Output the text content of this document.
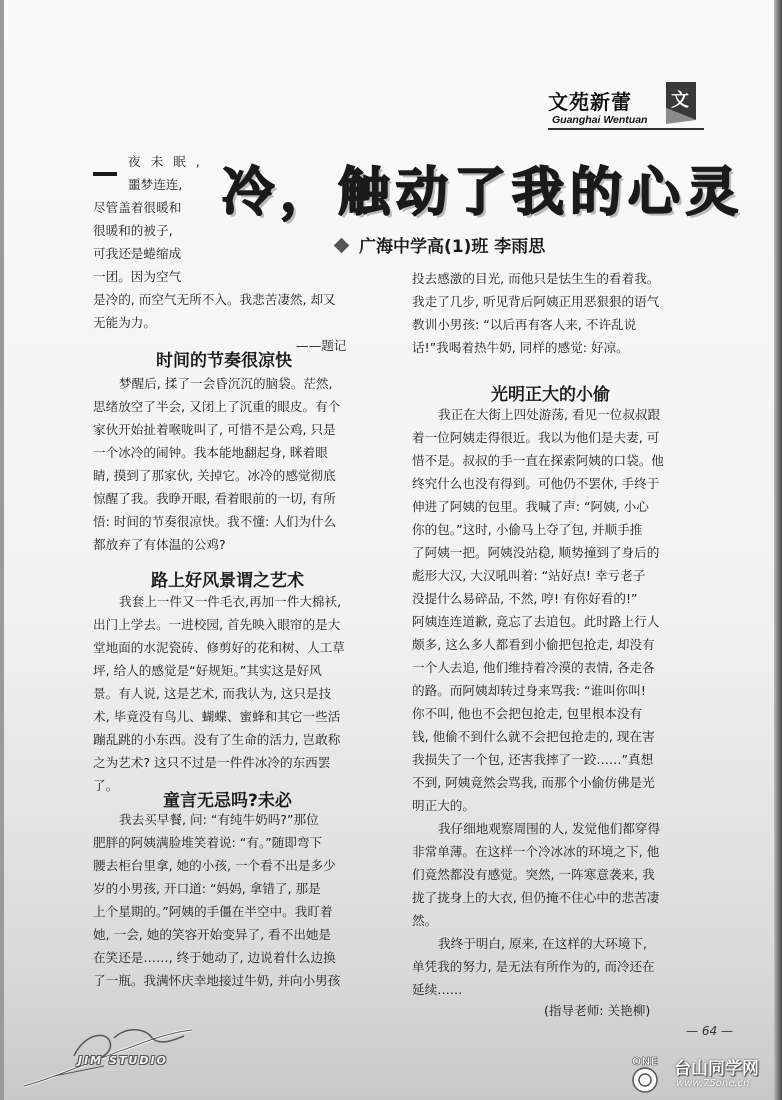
文苑新蕾
Guanghai Wentuan
文
冷，触动了我的心灵
广海中学高(1)班 李雨思
夜 未 眠 ,
噩梦连连,
尽管盖着很暖和
很暖和的被子,
可我还是蜷缩成
一团。因为空气
是冷的, 而空气无所不入。我悲苦凄然, 却又
无能为力。
——题记
时间的节奏很凉快
梦醒后, 揉了一会昏沉沉的脑袋。茫然,
思绪放空了半会, 又闭上了沉重的眼皮。有个
家伙开始扯着喉咙叫了, 可惜不是公鸡, 只是
一个冰冷的闹钟。我本能地翻起身, 眯着眼
睛, 摸到了那家伙, 关掉它。冰冷的感觉彻底
惊醒了我。我睁开眼, 看着眼前的一切, 有所
悟: 时间的节奏很凉快。我不懂: 人们为什么
都放弃了有体温的公鸡?
路上好风景谓之艺术
我套上一件又一件毛衣,再加一件大棉袄,
出门上学去。一进校园, 首先映入眼帘的是大
堂地面的水泥瓷砖、修剪好的花和树、人工草
坪, 给人的感觉是“好规矩。”其实这是好风
景。有人说, 这是艺术, 而我认为, 这只是技
术, 毕竟没有鸟儿、蝴蝶、蜜蜂和其它一些活
蹦乱跳的小东西。没有了生命的活力, 岂敢称
之为艺术? 这只不过是一件件冰冷的东西罢
了。
童言无忌吗?未必
我去买早餐, 问: “有纯牛奶吗?”那位
肥胖的阿姨满脸堆笑着说: “有。”随即弯下
腰去柜台里拿, 她的小孩, 一个看不出是多少
岁的小男孩, 开口道: “妈妈, 拿错了, 那是
上个星期的。”阿姨的手僵在半空中。我盯着
她, 一会, 她的笑容开始变异了, 看不出她是
在笑还是……, 终于她动了, 边说着什么边换
了一瓶。我满怀庆幸地接过牛奶, 并向小男孩
投去感激的目光, 而他只是怯生生的看着我。
我走了几步, 听见背后阿姨正用恶狠狠的语气
教训小男孩: “以后再有客人来, 不许乱说
话!”我喝着热牛奶, 同样的感觉: 好凉。
光明正大的小偷
我正在大街上四处游荡, 看见一位叔叔跟
着一位阿姨走得很近。我以为他们是夫妻, 可
惜不是。叔叔的手一直在探索阿姨的口袋。他
终究什么也没有得到。可他仍不罢休, 手终于
伸进了阿姨的包里。我喊了声: “阿姨, 小心
你的包。”这时, 小偷马上夺了包, 并顺手推
了阿姨一把。阿姨没站稳, 顺势撞到了身后的
彪形大汉, 大汉吼叫着: “站好点! 幸亏老子
没提什么易碎品, 不然, 哼! 有你好看的!”
阿姨连连道歉, 竟忘了去追包。此时路上行人
颇多, 这么多人都看到小偷把包抢走, 却没有
一个人去追, 他们维持着冷漠的表情, 各走各
的路。而阿姨却转过身来骂我: “谁叫你叫!
你不叫, 他也不会把包抢走, 包里根本没有
钱, 他偷不到什么就不会把包抢走的, 现在害
我损失了一个包, 还害我摔了一跤……”真想
不到, 阿姨竟然会骂我, 而那个小偷仿佛是光
明正大的。
我仔细地观察周围的人, 发觉他们都穿得
非常单薄。在这样一个冷冰冰的环境之下, 他
们竟然都没有感觉。突然, 一阵寒意袭来, 我
拢了拢身上的大衣, 但仍掩不住心中的悲苦凄
然。
我终于明白, 原来, 在这样的大环境下,
单凭我的努力, 是无法有所作为的, 而冷还在
延续……
(指导老师: 关艳柳)
— 64 —
JIM STUDIO	ONE 台山同学网
www.75one.cn
